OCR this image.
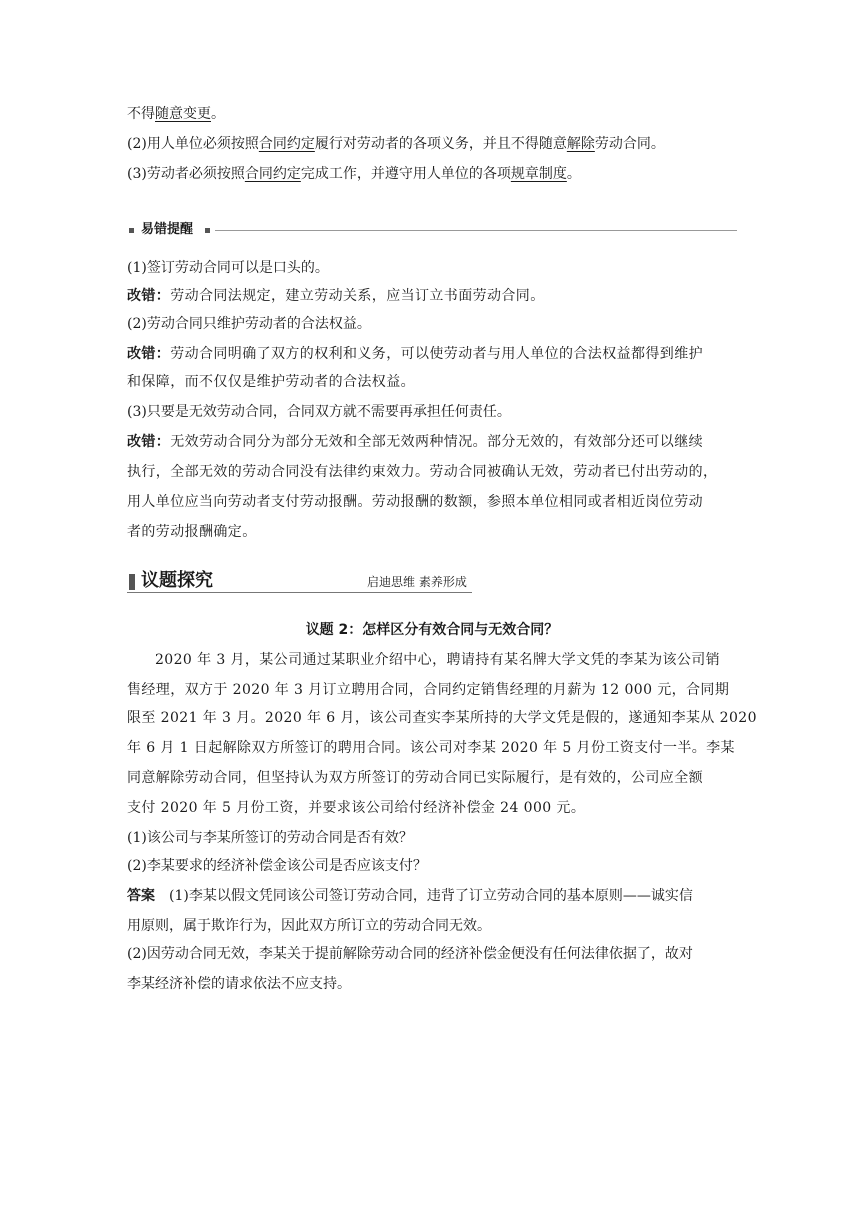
不得随意变更。
(2)用人单位必须按照合同约定履行对劳动者的各项义务，并且不得随意解除劳动合同。
(3)劳动者必须按照合同约定完成工作，并遵守用人单位的各项规章制度。
易错提醒
(1)签订劳动合同可以是口头的。
改错：劳动合同法规定，建立劳动关系，应当订立书面劳动合同。
(2)劳动合同只维护劳动者的合法权益。
改错：劳动合同明确了双方的权利和义务，可以使劳动者与用人单位的合法权益都得到维护
和保障，而不仅仅是维护劳动者的合法权益。
(3)只要是无效劳动合同，合同双方就不需要再承担任何责任。
改错：无效劳动合同分为部分无效和全部无效两种情况。部分无效的，有效部分还可以继续
执行，全部无效的劳动合同没有法律约束效力。劳动合同被确认无效，劳动者已付出劳动的，
用人单位应当向劳动者支付劳动报酬。劳动报酬的数额，参照本单位相同或者相近岗位劳动
者的劳动报酬确定。
议题探究	启迪思维 素养形成
议题 2：怎样区分有效合同与无效合同？
2020 年 3 月，某公司通过某职业介绍中心，聘请持有某名牌大学文凭的李某为该公司销
售经理，双方于 2020 年 3 月订立聘用合同，合同约定销售经理的月薪为 12 000 元，合同期
限至 2021 年 3 月。2020 年 6 月，该公司查实李某所持的大学文凭是假的，遂通知李某从 2020
年 6 月 1 日起解除双方所签订的聘用合同。该公司对李某 2020 年 5 月份工资支付一半。李某
同意解除劳动合同，但坚持认为双方所签订的劳动合同已实际履行，是有效的，公司应全额
支付 2020 年 5 月份工资，并要求该公司给付经济补偿金 24 000 元。
(1)该公司与李某所签订的劳动合同是否有效？
(2)李某要求的经济补偿金该公司是否应该支付？
答案 (1)李某以假文凭同该公司签订劳动合同，违背了订立劳动合同的基本原则——诚实信
用原则，属于欺诈行为，因此双方所订立的劳动合同无效。
(2)因劳动合同无效，李某关于提前解除劳动合同的经济补偿金便没有任何法律依据了，故对
李某经济补偿的请求依法不应支持。
